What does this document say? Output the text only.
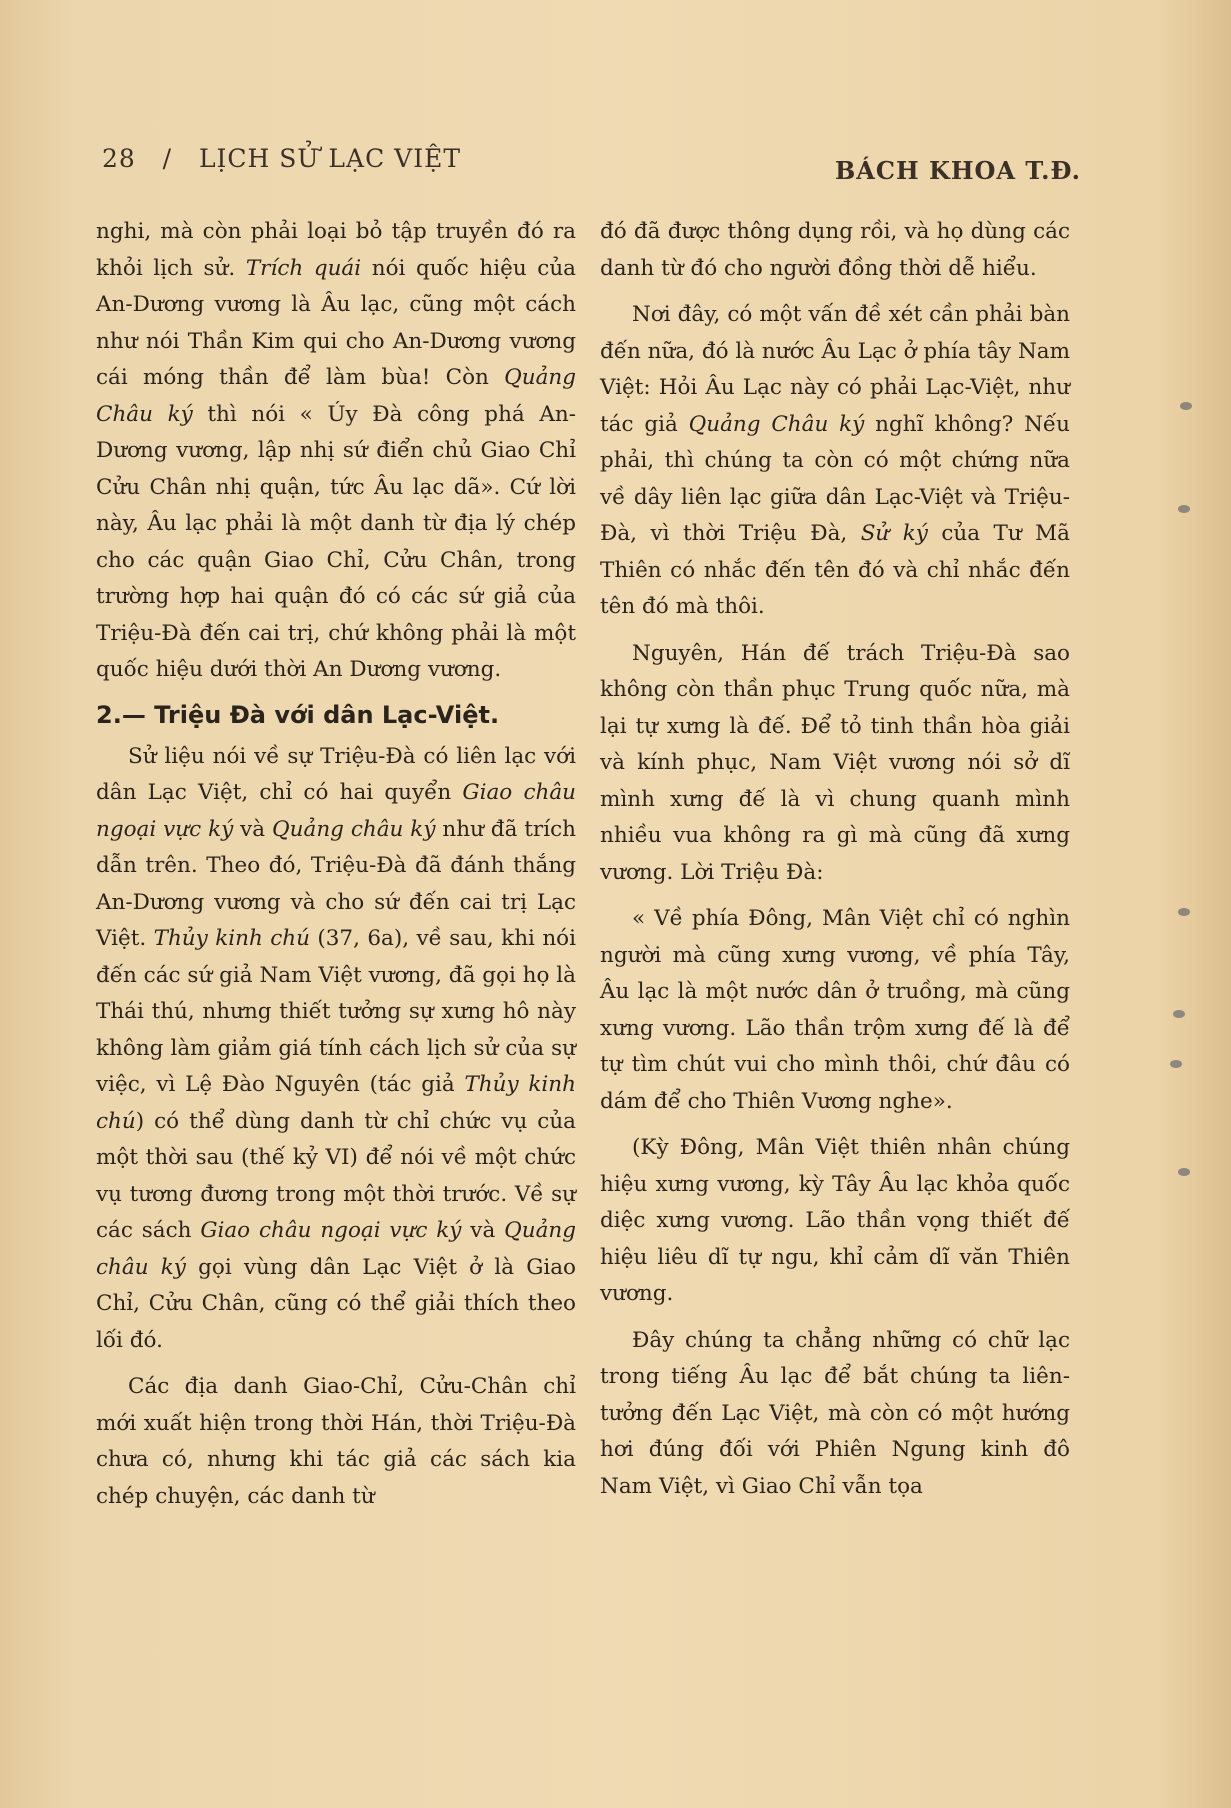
28 / LỊCH SỬ LẠC VIỆT	BÁCH KHOA T.Đ.

nghi, mà còn phải loại bỏ tập truyền đó ra khỏi lịch sử. Trích quái nói quốc hiệu của An-Dương vương là Âu lạc, cũng một cách như nói Thần Kim qui cho An-Dương vương cái móng thần để làm bùa! Còn Quảng Châu ký thì nói « Úy Đà công phá An-Dương vương, lập nhị sứ điển chủ Giao Chỉ Cửu Chân nhị quận, tức Âu lạc dã». Cứ lời này, Âu lạc phải là một danh từ địa lý chép cho các quận Giao Chỉ, Cửu Chân, trong trường hợp hai quận đó có các sứ giả của Triệu-Đà đến cai trị, chứ không phải là một quốc hiệu dưới thời An Dương vương.

2.— Triệu Đà với dân Lạc-Việt.

Sử liệu nói về sự Triệu-Đà có liên lạc với dân Lạc Việt, chỉ có hai quyển Giao châu ngoại vực ký và Quảng châu ký như đã trích dẫn trên. Theo đó, Triệu-Đà đã đánh thắng An-Dương vương và cho sứ đến cai trị Lạc Việt. Thủy kinh chú (37, 6a), về sau, khi nói đến các sứ giả Nam Việt vương, đã gọi họ là Thái thú, nhưng thiết tưởng sự xưng hô này không làm giảm giá tính cách lịch sử của sự việc, vì Lệ Đào Nguyên (tác giả Thủy kinh chú) có thể dùng danh từ chỉ chức vụ của một thời sau (thế kỷ VI) để nói về một chức vụ tương đương trong một thời trước. Về sự các sách Giao châu ngoại vực ký và Quảng châu ký gọi vùng dân Lạc Việt ở là Giao Chỉ, Cửu Chân, cũng có thể giải thích theo lối đó.

Các địa danh Giao-Chỉ, Cửu-Chân chỉ mới xuất hiện trong thời Hán, thời Triệu-Đà chưa có, nhưng khi tác giả các sách kia chép chuyện, các danh từ

đó đã được thông dụng rồi, và họ dùng các danh từ đó cho người đồng thời dễ hiểu.

Nơi đây, có một vấn đề xét cần phải bàn đến nữa, đó là nước Âu Lạc ở phía tây Nam Việt: Hỏi Âu Lạc này có phải Lạc-Việt, như tác giả Quảng Châu ký nghĩ không? Nếu phải, thì chúng ta còn có một chứng nữa về dây liên lạc giữa dân Lạc-Việt và Triệu-Đà, vì thời Triệu Đà, Sử ký của Tư Mã Thiên có nhắc đến tên đó và chỉ nhắc đến tên đó mà thôi.

Nguyên, Hán đế trách Triệu-Đà sao không còn thần phục Trung quốc nữa, mà lại tự xưng là đế. Để tỏ tinh thần hòa giải và kính phục, Nam Việt vương nói sở dĩ mình xưng đế là vì chung quanh mình nhiều vua không ra gì mà cũng đã xưng vương. Lời Triệu Đà:

« Về phía Đông, Mân Việt chỉ có nghìn người mà cũng xưng vương, về phía Tây, Âu lạc là một nước dân ở truồng, mà cũng xưng vương. Lão thần trộm xưng đế là để tự tìm chút vui cho mình thôi, chứ đâu có dám để cho Thiên Vương nghe».

(Kỳ Đông, Mân Việt thiên nhân chúng hiệu xưng vương, kỳ Tây Âu lạc khỏa quốc diệc xưng vương. Lão thần vọng thiết đế hiệu liêu dĩ tự ngu, khỉ cảm dĩ văn Thiên vương.

Đây chúng ta chẳng những có chữ lạc trong tiếng Âu lạc để bắt chúng ta liên-tưởng đến Lạc Việt, mà còn có một hướng hơi đúng đối với Phiên Ngung kinh đô Nam Việt, vì Giao Chỉ vẫn tọa
